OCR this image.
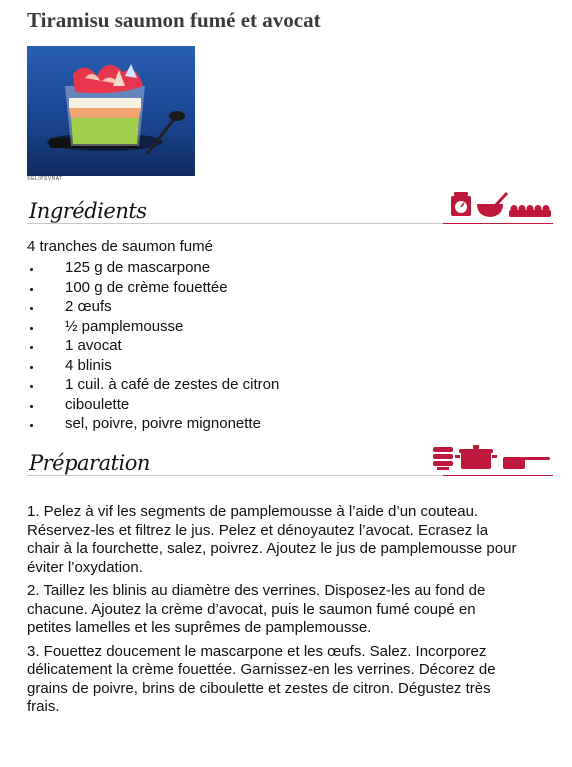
Tiramisu saumon fumé et avocat
©ELIPSVRAT
Ingrédients

4 tranches de saumon fumé

125 g de mascarpone
100 g de crème fouettée
2 œufs
½ pamplemousse
1 avocat
4 blinis
1 cuil. à café de zestes de citron
ciboulette
sel, poivre, poivre mignonette
Préparation

1. Pelez à vif les segments de pamplemousse à l’aide d’un couteau. Réservez-les et filtrez le jus. Pelez et dénoyautez l’avocat. Ecrasez la chair à la fourchette, salez, poivrez. Ajoutez le jus de pamplemousse pour éviter l’oxydation.

2. Taillez les blinis au diamètre des verrines. Disposez-les au fond de chacune. Ajoutez la crème d’avocat, puis le saumon fumé coupé en petites lamelles et les suprêmes de pamplemousse.

3. Fouettez doucement le mascarpone et les œufs. Salez. Incorporez délicatement la crème fouettée. Garnissez-en les verrines. Décorez de grains de poivre, brins de ciboulette et zestes de citron. Dégustez très frais.
